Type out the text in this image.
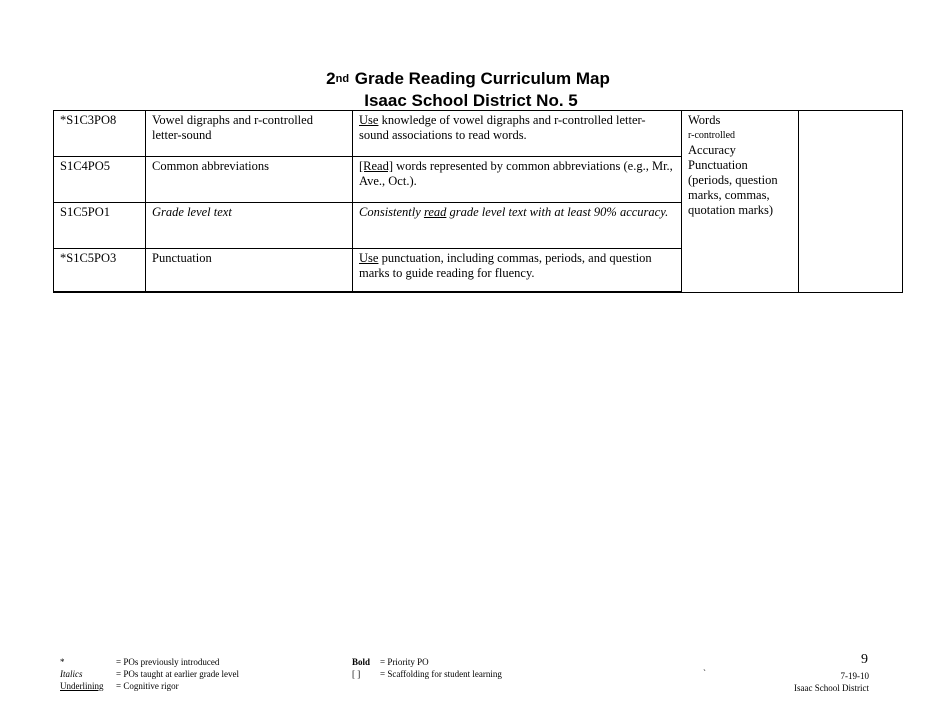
2nd Grade Reading Curriculum Map
Isaac School District No. 5
*S1C3PO8	Vowel digraphs and r-controlled letter-sound	Use knowledge of vowel digraphs and r-controlled letter-sound associations to read words.	Words
r-controlled
Accuracy
Punctuation
(periods, question marks, commas, quotation marks)	

S1C4PO5	Common abbreviations	[Read] words represented by common abbreviations (e.g., Mr., Ave., Oct.).		
S1C5PO1	Grade level text	Consistently read grade level text with at least 90% accuracy.		
*S1C5PO3	Punctuation	Use punctuation, including commas, periods, and question marks to guide reading for fluency.		
*	= POs previously introduced
Italics	= POs taught at earlier grade level
Underlining = Cognitive rigor
Bold = Priority PO
[ ] = Scaffolding for student learning	`
9
7-19-10
Isaac School District
